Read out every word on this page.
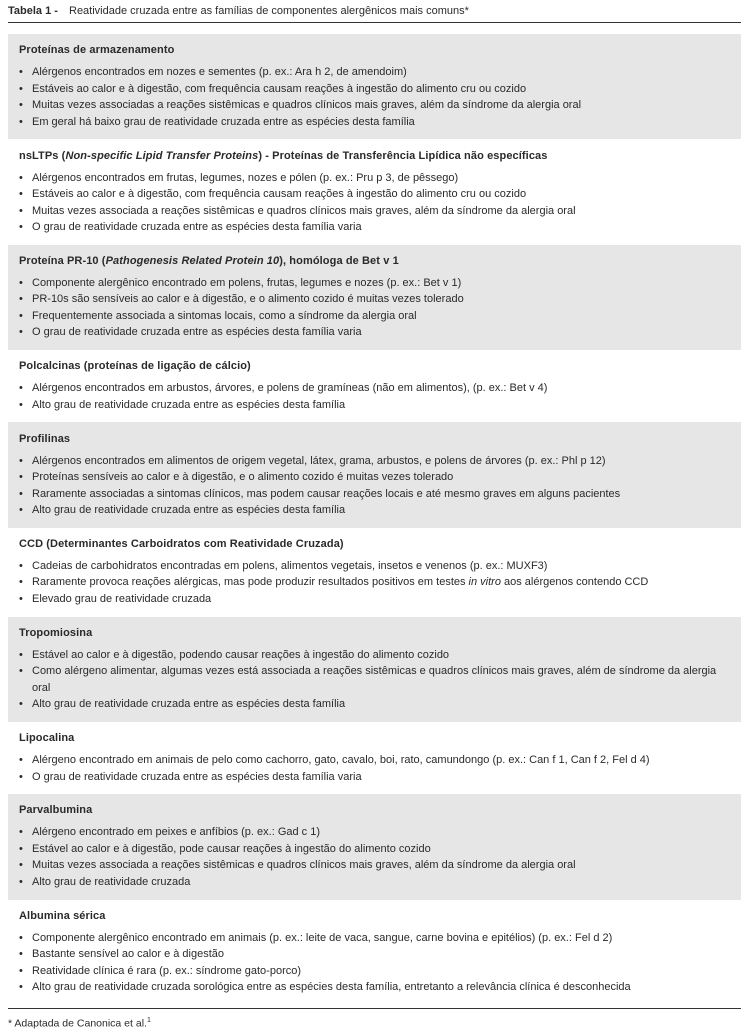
Tabela 1 - Reatividade cruzada entre as famílias de componentes alergênicos mais comuns*
Proteínas de armazenamento
• Alérgenos encontrados em nozes e sementes (p. ex.: Ara h 2, de amendoim)
• Estáveis ao calor e à digestão, com frequência causam reações à ingestão do alimento cru ou cozido
• Muitas vezes associadas a reações sistêmicas e quadros clínicos mais graves, além da síndrome da alergia oral
• Em geral há baixo grau de reatividade cruzada entre as espécies desta família
nsLTPs (Non-specific Lipid Transfer Proteins) - Proteínas de Transferência Lipídica não específicas
• Alérgenos encontrados em frutas, legumes, nozes e pólen (p. ex.: Pru p 3, de pêssego)
• Estáveis ao calor e à digestão, com frequência causam reações à ingestão do alimento cru ou cozido
• Muitas vezes associada a reações sistêmicas e quadros clínicos mais graves, além da síndrome da alergia oral
• O grau de reatividade cruzada entre as espécies desta família varia
Proteína PR-10 (Pathogenesis Related Protein 10), homóloga de Bet v 1
• Componente alergênico encontrado em polens, frutas, legumes e nozes (p. ex.: Bet v 1)
• PR-10s são sensíveis ao calor e à digestão, e o alimento cozido é muitas vezes tolerado
• Frequentemente associada a sintomas locais, como a síndrome da alergia oral
• O grau de reatividade cruzada entre as espécies desta família varia
Polcalcinas (proteínas de ligação de cálcio)
• Alérgenos encontrados em arbustos, árvores, e polens de gramíneas (não em alimentos), (p. ex.: Bet v 4)
• Alto grau de reatividade cruzada entre as espécies desta família
Profilinas
• Alérgenos encontrados em alimentos de origem vegetal, látex, grama, arbustos, e polens de árvores (p. ex.: Phl p 12)
• Proteínas sensíveis ao calor e à digestão, e o alimento cozido é muitas vezes tolerado
• Raramente associadas a sintomas clínicos, mas podem causar reações locais e até mesmo graves em alguns pacientes
• Alto grau de reatividade cruzada entre as espécies desta família
CCD (Determinantes Carboidratos com Reatividade Cruzada)
• Cadeias de carbohidratos encontradas em polens, alimentos vegetais, insetos e venenos (p. ex.: MUXF3)
• Raramente provoca reações alérgicas, mas pode produzir resultados positivos em testes in vitro aos alérgenos contendo CCD
• Elevado grau de reatividade cruzada
Tropomiosina
• Estável ao calor e à digestão, podendo causar reações à ingestão do alimento cozido
• Como alérgeno alimentar, algumas vezes está associada a reações sistêmicas e quadros clínicos mais graves, além de síndrome da alergia oral
• Alto grau de reatividade cruzada entre as espécies desta família
Lipocalina
• Alérgeno encontrado em animais de pelo como cachorro, gato, cavalo, boi, rato, camundongo (p. ex.: Can f 1, Can f 2, Fel d 4)
• O grau de reatividade cruzada entre as espécies desta família varia
Parvalbumina
• Alérgeno encontrado em peixes e anfíbios (p. ex.: Gad c 1)
• Estável ao calor e à digestão, pode causar reações à ingestão do alimento cozido
• Muitas vezes associada a reações sistêmicas e quadros clínicos mais graves, além da síndrome da alergia oral
• Alto grau de reatividade cruzada
Albumina sérica
• Componente alergênico encontrado em animais (p. ex.: leite de vaca, sangue, carne bovina e epitélios) (p. ex.: Fel d 2)
• Bastante sensível ao calor e à digestão
• Reatividade clínica é rara (p. ex.: síndrome gato-porco)
• Alto grau de reatividade cruzada sorológica entre as espécies desta família, entretanto a relevância clínica é desconhecida
* Adaptada de Canonica et al.$^1$
